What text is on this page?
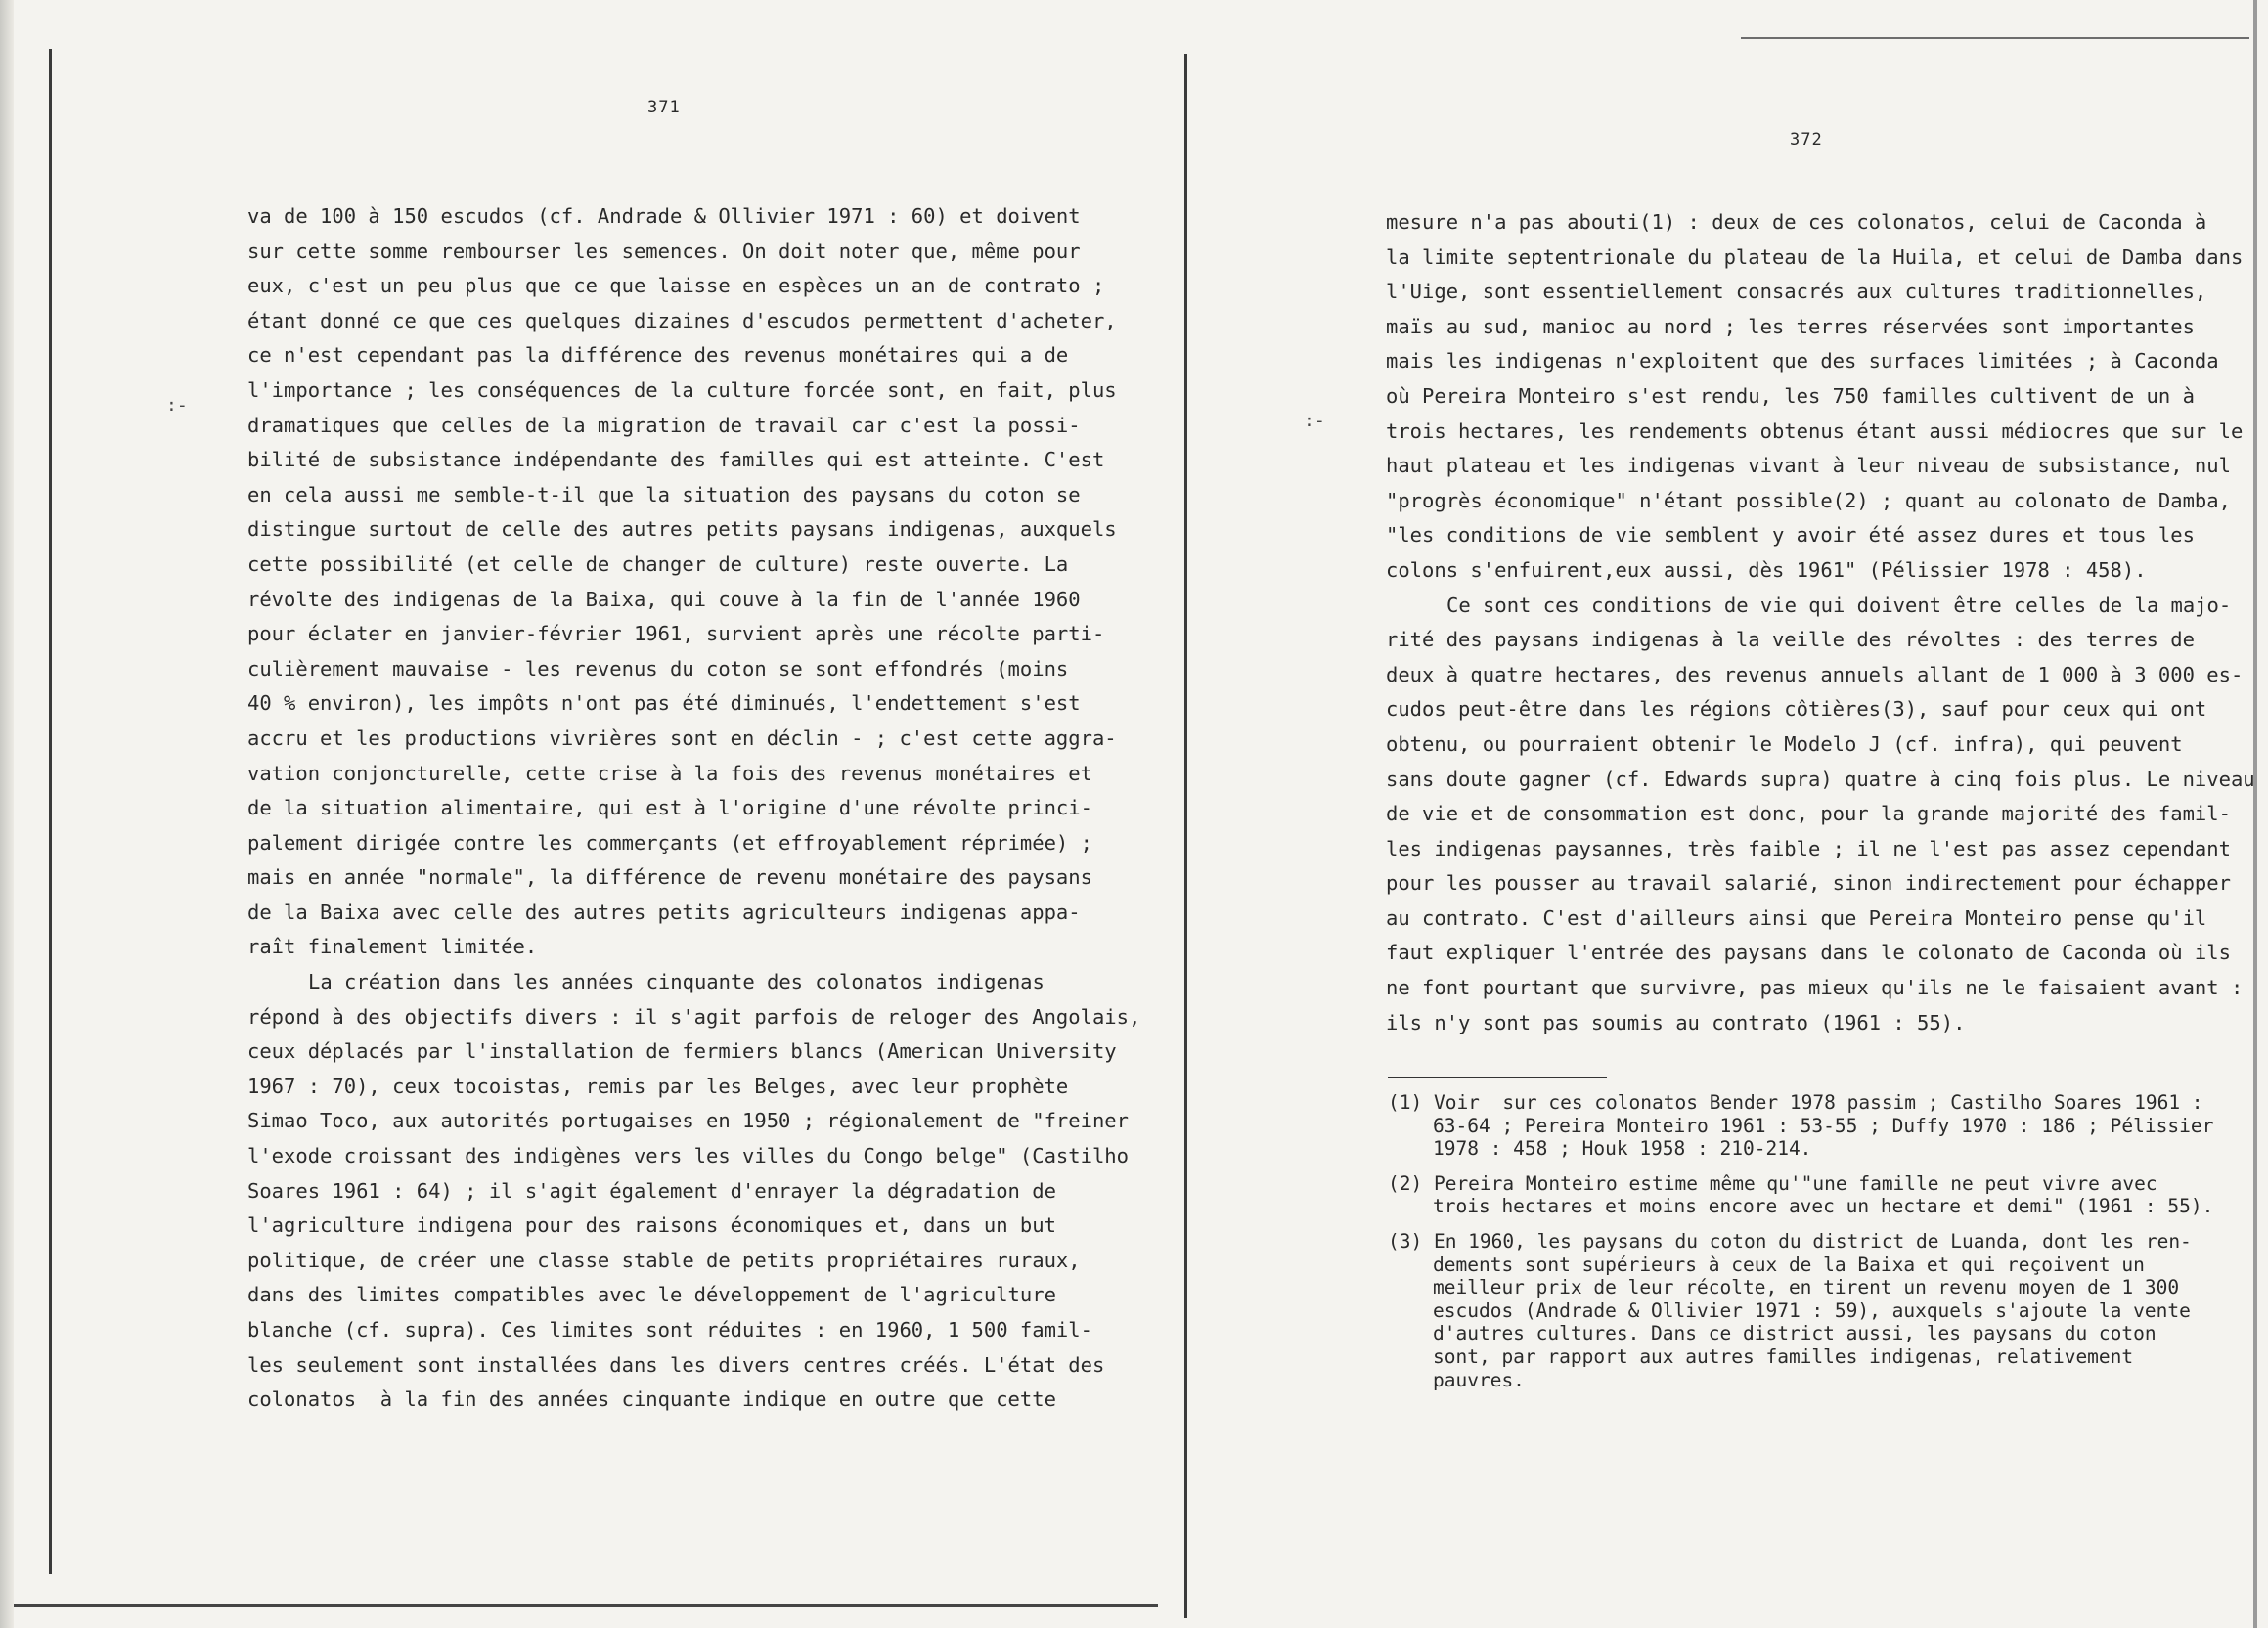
:-
:-
371
va de 100 à 150 escudos (cf. Andrade & Ollivier 1971 : 60) et doivent
sur cette somme rembourser les semences. On doit noter que, même pour
eux, c'est un peu plus que ce que laisse en espèces un an de contrato ;
étant donné ce que ces quelques dizaines d'escudos permettent d'acheter,
ce n'est cependant pas la différence des revenus monétaires qui a de
l'importance ; les conséquences de la culture forcée sont, en fait, plus
dramatiques que celles de la migration de travail car c'est la possi-
bilité de subsistance indépendante des familles qui est atteinte. C'est
en cela aussi me semble-t-il que la situation des paysans du coton se
distingue surtout de celle des autres petits paysans indigenas, auxquels
cette possibilité (et celle de changer de culture) reste ouverte. La
révolte des indigenas de la Baixa, qui couve à la fin de l'année 1960
pour éclater en janvier-février 1961, survient après une récolte parti-
culièrement mauvaise - les revenus du coton se sont effondrés (moins
40 % environ), les impôts n'ont pas été diminués, l'endettement s'est
accru et les productions vivrières sont en déclin - ; c'est cette aggra-
vation conjoncturelle, cette crise à la fois des revenus monétaires et
de la situation alimentaire, qui est à l'origine d'une révolte princi-
palement dirigée contre les commerçants (et effroyablement réprimée) ;
mais en année "normale", la différence de revenu monétaire des paysans
de la Baixa avec celle des autres petits agriculteurs indigenas appa-
raît finalement limitée.
La création dans les années cinquante des colonatos indigenas
répond à des objectifs divers : il s'agit parfois de reloger des Angolais,
ceux déplacés par l'installation de fermiers blancs (American University
1967 : 70), ceux tocoistas, remis par les Belges, avec leur prophète
Simao Toco, aux autorités portugaises en 1950 ; régionalement de "freiner
l'exode croissant des indigènes vers les villes du Congo belge" (Castilho
Soares 1961 : 64) ; il s'agit également d'enrayer la dégradation de
l'agriculture indigena pour des raisons économiques et, dans un but
politique, de créer une classe stable de petits propriétaires ruraux,
dans des limites compatibles avec le développement de l'agriculture
blanche (cf. supra). Ces limites sont réduites : en 1960, 1 500 famil-
les seulement sont installées dans les divers centres créés. L'état des
colonatos  à la fin des années cinquante indique en outre que cette
372
mesure n'a pas abouti(1) : deux de ces colonatos, celui de Caconda à
la limite septentrionale du plateau de la Huila, et celui de Damba dans
l'Uige, sont essentiellement consacrés aux cultures traditionnelles,
maïs au sud, manioc au nord ; les terres réservées sont importantes
mais les indigenas n'exploitent que des surfaces limitées ; à Caconda
où Pereira Monteiro s'est rendu, les 750 familles cultivent de un à
trois hectares, les rendements obtenus étant aussi médiocres que sur le
haut plateau et les indigenas vivant à leur niveau de subsistance, nul
"progrès économique" n'étant possible(2) ; quant au colonato de Damba,
"les conditions de vie semblent y avoir été assez dures et tous les
colons s'enfuirent,eux aussi, dès 1961" (Pélissier 1978 : 458).
Ce sont ces conditions de vie qui doivent être celles de la majo-
rité des paysans indigenas à la veille des révoltes : des terres de
deux à quatre hectares, des revenus annuels allant de 1 000 à 3 000 es-
cudos peut-être dans les régions côtières(3), sauf pour ceux qui ont
obtenu, ou pourraient obtenir le Modelo J (cf. infra), qui peuvent
sans doute gagner (cf. Edwards supra) quatre à cinq fois plus. Le niveau
de vie et de consommation est donc, pour la grande majorité des famil-
les indigenas paysannes, très faible ; il ne l'est pas assez cependant
pour les pousser au travail salarié, sinon indirectement pour échapper
au contrato. C'est d'ailleurs ainsi que Pereira Monteiro pense qu'il
faut expliquer l'entrée des paysans dans le colonato de Caconda où ils
ne font pourtant que survivre, pas mieux qu'ils ne le faisaient avant :
ils n'y sont pas soumis au contrato (1961 : 55).
(1) Voir  sur ces colonatos Bender 1978 passim ; Castilho Soares 1961 :
63-64 ; Pereira Monteiro 1961 : 53-55 ; Duffy 1970 : 186 ; Pélissier
1978 : 458 ; Houk 1958 : 210-214.
(2) Pereira Monteiro estime même qu'"une famille ne peut vivre avec
trois hectares et moins encore avec un hectare et demi" (1961 : 55).
(3) En 1960, les paysans du coton du district de Luanda, dont les ren-
dements sont supérieurs à ceux de la Baixa et qui reçoivent un
meilleur prix de leur récolte, en tirent un revenu moyen de 1 300
escudos (Andrade & Ollivier 1971 : 59), auxquels s'ajoute la vente
d'autres cultures. Dans ce district aussi, les paysans du coton
sont, par rapport aux autres familles indigenas, relativement
pauvres.
